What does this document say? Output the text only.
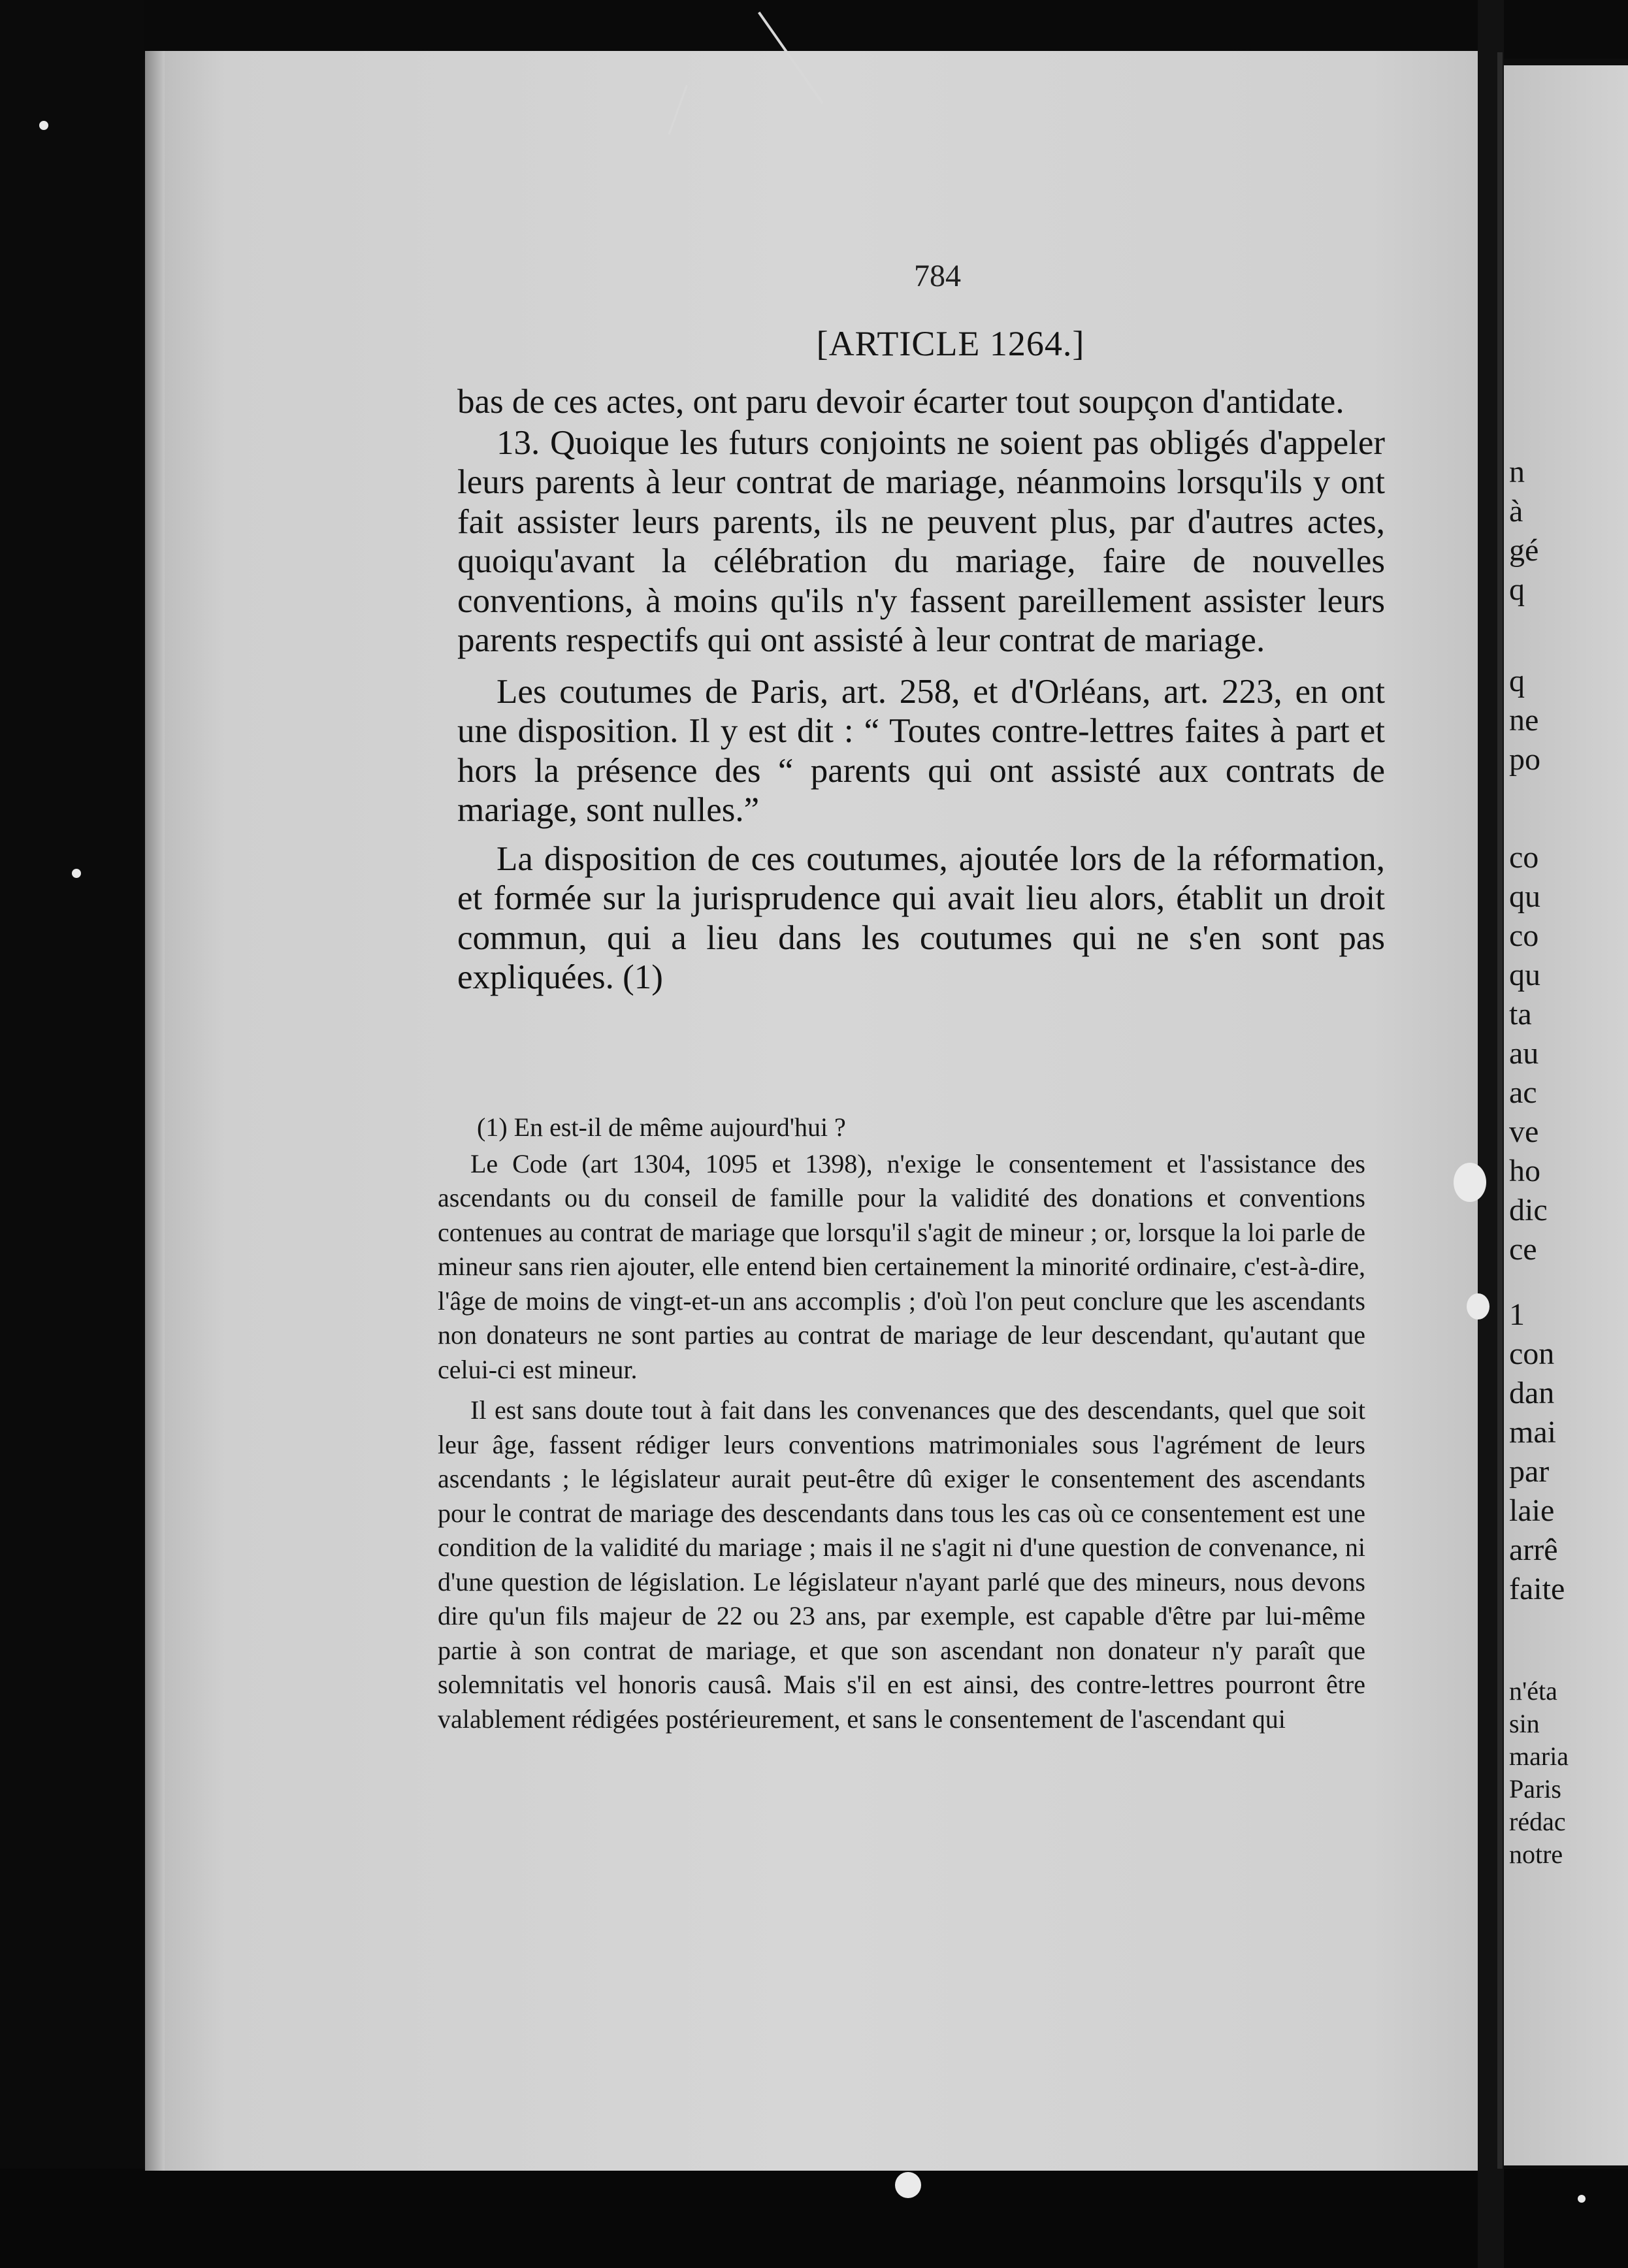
784
[ARTICLE 1264.]

bas de ces actes, ont paru devoir écarter tout soupçon d'antidate.

13. Quoique les futurs conjoints ne soient pas obligés d'appeler leurs parents à leur contrat de mariage, néanmoins lorsqu'ils y ont fait assister leurs parents, ils ne peuvent plus, par d'autres actes, quoiqu'avant la célébration du mariage, faire de nouvelles conventions, à moins qu'ils n'y fassent pareillement assister leurs parents respectifs qui ont assisté à leur contrat de mariage.

Les coutumes de Paris, art. 258, et d'Orléans, art. 223, en ont une disposition. Il y est dit : “ Toutes contre-lettres faites à part et hors la présence des “ parents qui ont assisté aux contrats de mariage, sont nulles.”

La disposition de ces coutumes, ajoutée lors de la réformation, et formée sur la jurisprudence qui avait lieu alors, établit un droit commun, qui a lieu dans les coutumes qui ne s'en sont pas expliquées. (1)

(1) En est-il de même aujourd'hui ?

Le Code (art 1304, 1095 et 1398), n'exige le consentement et l'assistance des ascendants ou du conseil de famille pour la validité des donations et conventions contenues au contrat de mariage que lorsqu'il s'agit de mineur ; or, lorsque la loi parle de mineur sans rien ajouter, elle entend bien certainement la minorité ordinaire, c'est-à-dire, l'âge de moins de vingt-et-un ans accomplis ; d'où l'on peut conclure que les ascendants non donateurs ne sont parties au contrat de mariage de leur descendant, qu'autant que celui-ci est mineur.

Il est sans doute tout à fait dans les convenances que des descendants, quel que soit leur âge, fassent rédiger leurs conventions matrimoniales sous l'agrément de leurs ascendants ; le législateur aurait peut-être dû exiger le consentement des ascendants pour le contrat de mariage des descendants dans tous les cas où ce consentement est une condition de la validité du mariage ; mais il ne s'agit ni d'une question de convenance, ni d'une question de législation. Le législateur n'ayant parlé que des mineurs, nous devons dire qu'un fils majeur de 22 ou 23 ans, par exemple, est capable d'être par lui-même partie à son contrat de mariage, et que son ascendant non donateur n'y paraît que solemnitatis vel honoris causâ. Mais s'il en est ainsi, des contre-lettres pourront être valablement rédigées postérieurement, et sans le consentement de l'ascendant qui

n
à
gé
q
q
ne
po
co
qu
co
qu
ta
au
ac
ve
ho
dic
ce
1
con
dan
mai
par
laie
arrê
faite
n'éta
sin
maria
Paris
rédac
notre
